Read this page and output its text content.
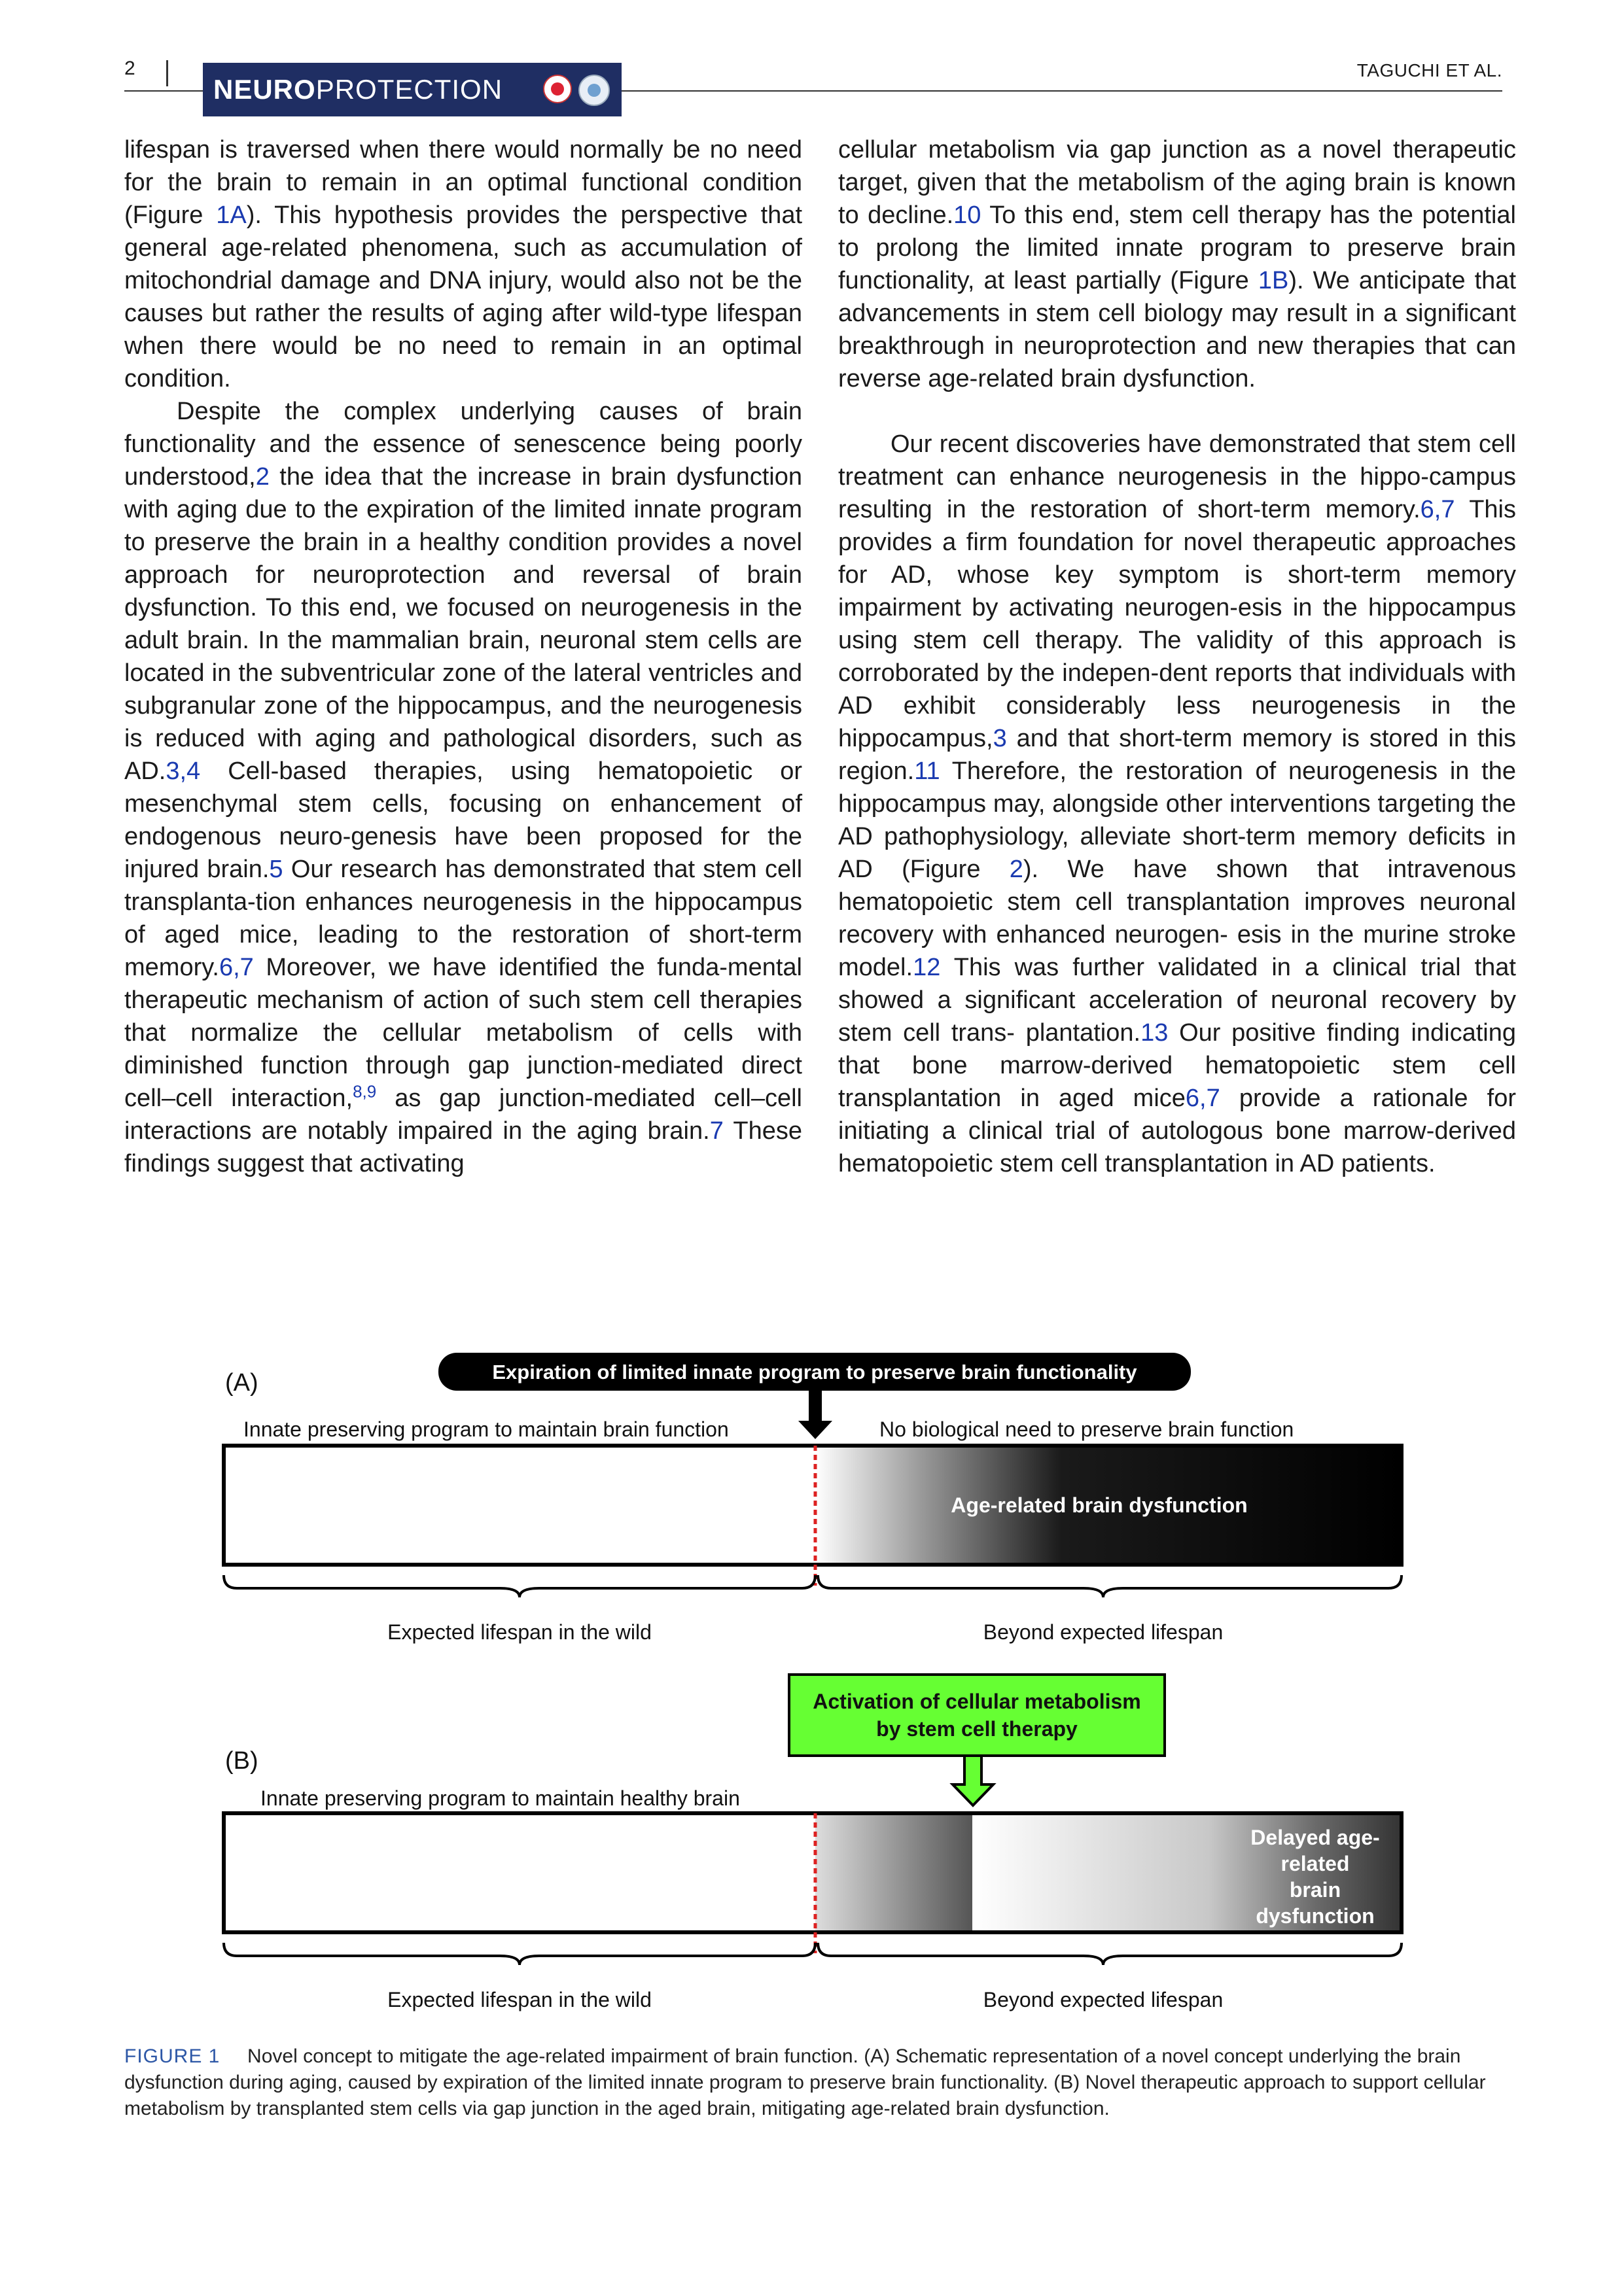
2
NEUROPROTECTION
TAGUCHI ET AL.

lifespan is traversed when there would normally be no need for the brain to remain in an optimal functional condition (Figure 1A). This hypothesis provides the perspective that general age-related phenomena, such as accumulation of mitochondrial damage and DNA injury, would also not be the causes but rather the results of aging after wild-type lifespan when there would be no need to remain in an optimal condition.

Despite the complex underlying causes of brain functionality and the essence of senescence being poorly understood,2 the idea that the increase in brain dysfunction with aging due to the expiration of the limited innate program to preserve the brain in a healthy condition provides a novel approach for neuroprotection and reversal of brain dysfunction. To this end, we focused on neurogenesis in the adult brain. In the mammalian brain, neuronal stem cells are located in the subventricular zone of the lateral ventricles and subgranular zone of the hippocampus, and the neurogenesis is reduced with aging and pathological disorders, such as AD.3,4 Cell-based therapies, using hematopoietic or mesenchymal stem cells, focusing on enhancement of endogenous neuro-genesis have been proposed for the injured brain.5 Our research has demonstrated that stem cell transplanta-tion enhances neurogenesis in the hippocampus of aged mice, leading to the restoration of short-term memory.6,7 Moreover, we have identified the funda-mental therapeutic mechanism of action of such stem cell therapies that normalize the cellular metabolism of cells with diminished function through gap junction-mediated direct cell–cell interaction,$^{8,9}$ as gap junction-mediated cell–cell interactions are notably impaired in the aging brain.7 These findings suggest that activating

cellular metabolism via gap junction as a novel therapeutic target, given that the metabolism of the aging brain is known to decline.10 To this end, stem cell therapy has the potential to prolong the limited innate program to preserve brain functionality, at least partially (Figure 1B). We anticipate that advancements in stem cell biology may result in a significant breakthrough in neuroprotection and new therapies that can reverse age-related brain dysfunction.

Our recent discoveries have demonstrated that stem cell treatment can enhance neurogenesis in the hippo-campus resulting in the restoration of short-term memory.6,7 This provides a firm foundation for novel therapeutic approaches for AD, whose key symptom is short-term memory impairment by activating neurogen-esis in the hippocampus using stem cell therapy. The validity of this approach is corroborated by the indepen-dent reports that individuals with AD exhibit considerably less neurogenesis in the hippocampus,3 and that short-term memory is stored in this region.11 Therefore, the restoration of neurogenesis in the hippocampus may, alongside other interventions targeting the AD pathophysiology, alleviate short-term memory deficits in AD (Figure 2). We have shown that intravenous hematopoietic stem cell transplantation improves neuronal recovery with enhanced neurogen- esis in the murine stroke model.12 This was further validated in a clinical trial that showed a significant acceleration of neuronal recovery by stem cell trans- plantation.13 Our positive finding indicating that bone marrow-derived hematopoietic stem cell transplantation in aged mice6,7 provide a rationale for initiating a clinical trial of autologous bone marrow-derived hematopoietic stem cell transplantation in AD patients.

(A)	Expiration of limited innate program to preserve brain functionality
Innate preserving program to maintain brain function	No biological need to preserve brain function
Age-related brain dysfunction
Expected lifespan in the wild	Beyond expected lifespan
Activation of cellular metabolism
by stem cell therapy
(B)
Innate preserving program to maintain healthy brain
Delayed age-
related
brain
dysfunction
Expected lifespan in the wild	Beyond expected lifespan
FIGURE 1 Novel concept to mitigate the age-related impairment of brain function. (A) Schematic representation of a novel concept underlying the brain dysfunction during aging, caused by expiration of the limited innate program to preserve brain functionality. (B) Novel therapeutic approach to support cellular metabolism by transplanted stem cells via gap junction in the aged brain, mitigating age-related brain dysfunction.
